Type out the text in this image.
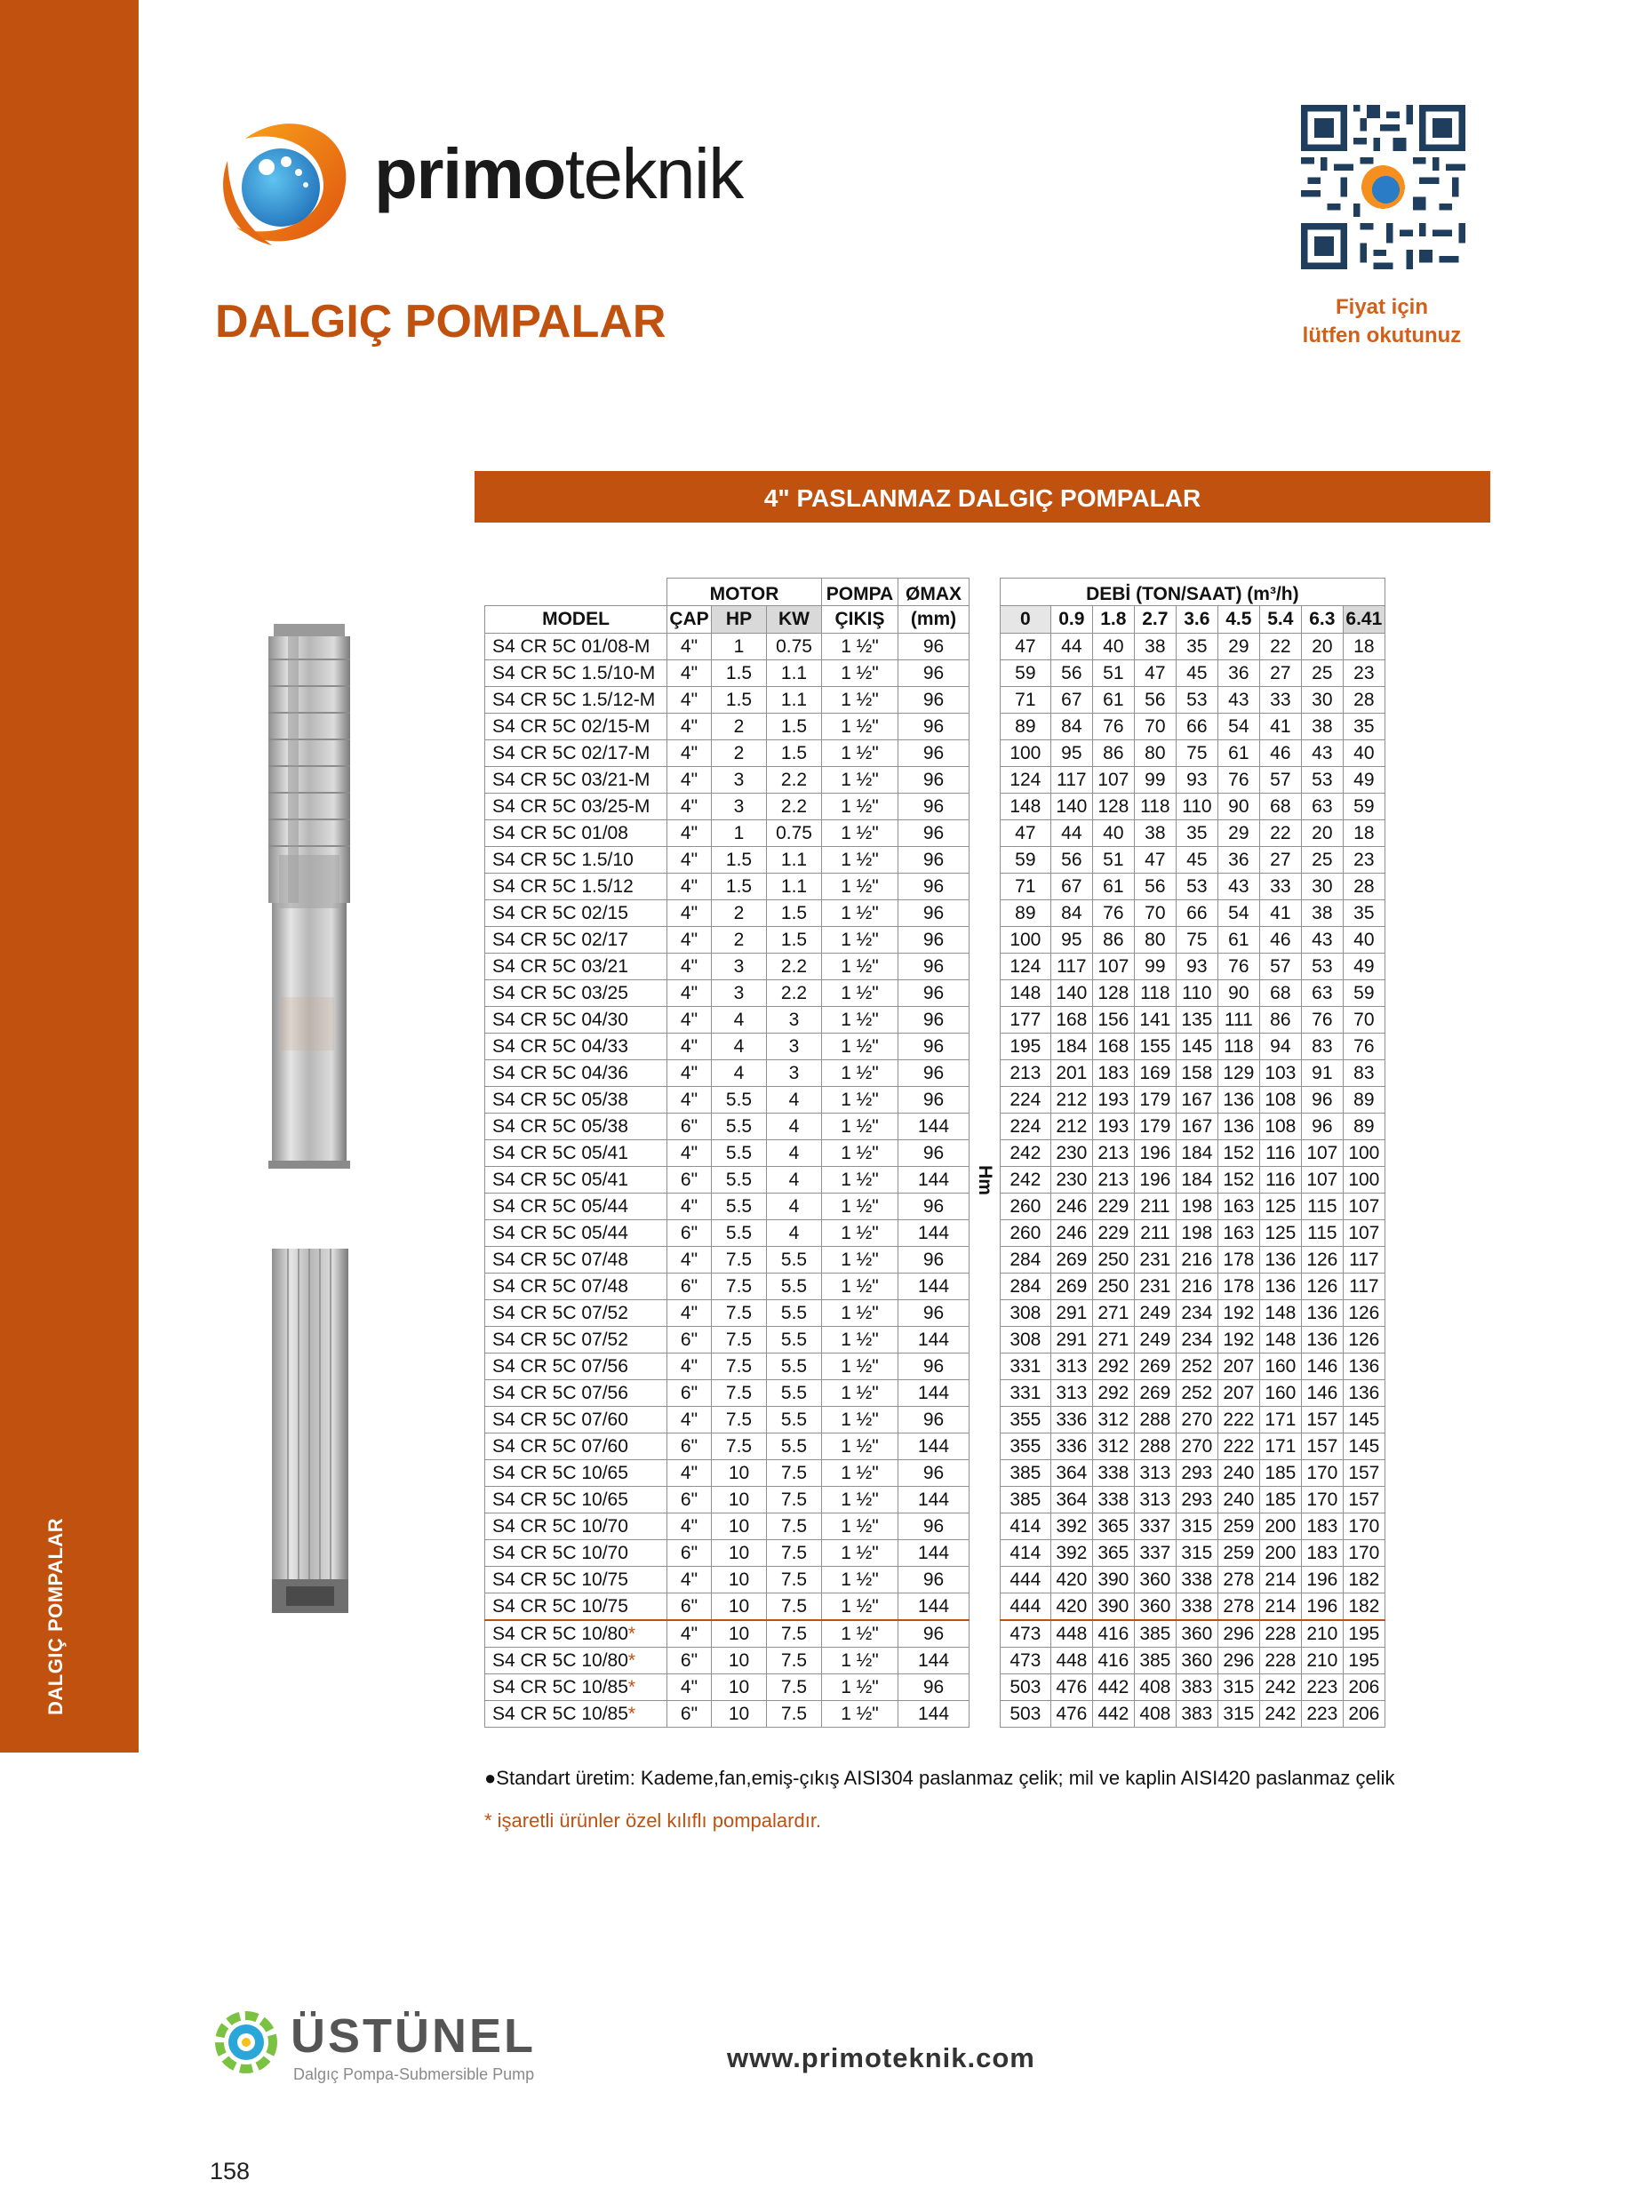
DALGIÇ POMPALAR
primoteknik
DALGIÇ POMPALAR	Fiyat için
lütfen okutunuz
4" PASLANMAZ DALGIÇ POMPALAR
	MOTOR			POMPA	ØMAX		DEBİ (TON/SAAT) (m³/h)								
MODEL	ÇAP	HP	KW	ÇIKIŞ	(mm)		0	0.9	1.8	2.7	3.6	4.5	5.4	6.3	6.41
S4 CR 5C 01/08-M	4"	1	0.75	1 ½"	96	Hm	47	44	40	38	35	29	22	20	18
S4 CR 5C 1.5/10-M	4"	1.5	1.1	1 ½"	96		59	56	51	47	45	36	27	25	23
S4 CR 5C 1.5/12-M	4"	1.5	1.1	1 ½"	96		71	67	61	56	53	43	33	30	28
S4 CR 5C 02/15-M	4"	2	1.5	1 ½"	96		89	84	76	70	66	54	41	38	35
S4 CR 5C 02/17-M	4"	2	1.5	1 ½"	96		100	95	86	80	75	61	46	43	40
S4 CR 5C 03/21-M	4"	3	2.2	1 ½"	96		124	117	107	99	93	76	57	53	49
S4 CR 5C 03/25-M	4"	3	2.2	1 ½"	96		148	140	128	118	110	90	68	63	59
S4 CR 5C 01/08	4"	1	0.75	1 ½"	96		47	44	40	38	35	29	22	20	18
S4 CR 5C 1.5/10	4"	1.5	1.1	1 ½"	96		59	56	51	47	45	36	27	25	23
S4 CR 5C 1.5/12	4"	1.5	1.1	1 ½"	96		71	67	61	56	53	43	33	30	28
S4 CR 5C 02/15	4"	2	1.5	1 ½"	96		89	84	76	70	66	54	41	38	35
S4 CR 5C 02/17	4"	2	1.5	1 ½"	96		100	95	86	80	75	61	46	43	40
S4 CR 5C 03/21	4"	3	2.2	1 ½"	96		124	117	107	99	93	76	57	53	49
S4 CR 5C 03/25	4"	3	2.2	1 ½"	96		148	140	128	118	110	90	68	63	59
S4 CR 5C 04/30	4"	4	3	1 ½"	96		177	168	156	141	135	111	86	76	70
S4 CR 5C 04/33	4"	4	3	1 ½"	96		195	184	168	155	145	118	94	83	76
S4 CR 5C 04/36	4"	4	3	1 ½"	96		213	201	183	169	158	129	103	91	83
S4 CR 5C 05/38	4"	5.5	4	1 ½"	96		224	212	193	179	167	136	108	96	89
S4 CR 5C 05/38	6"	5.5	4	1 ½"	144		224	212	193	179	167	136	108	96	89
S4 CR 5C 05/41	4"	5.5	4	1 ½"	96		242	230	213	196	184	152	116	107	100
S4 CR 5C 05/41	6"	5.5	4	1 ½"	144		242	230	213	196	184	152	116	107	100
S4 CR 5C 05/44	4"	5.5	4	1 ½"	96		260	246	229	211	198	163	125	115	107
S4 CR 5C 05/44	6"	5.5	4	1 ½"	144		260	246	229	211	198	163	125	115	107
S4 CR 5C 07/48	4"	7.5	5.5	1 ½"	96		284	269	250	231	216	178	136	126	117
S4 CR 5C 07/48	6"	7.5	5.5	1 ½"	144		284	269	250	231	216	178	136	126	117
S4 CR 5C 07/52	4"	7.5	5.5	1 ½"	96		308	291	271	249	234	192	148	136	126
S4 CR 5C 07/52	6"	7.5	5.5	1 ½"	144		308	291	271	249	234	192	148	136	126
S4 CR 5C 07/56	4"	7.5	5.5	1 ½"	96		331	313	292	269	252	207	160	146	136
S4 CR 5C 07/56	6"	7.5	5.5	1 ½"	144		331	313	292	269	252	207	160	146	136
S4 CR 5C 07/60	4"	7.5	5.5	1 ½"	96		355	336	312	288	270	222	171	157	145
S4 CR 5C 07/60	6"	7.5	5.5	1 ½"	144		355	336	312	288	270	222	171	157	145
S4 CR 5C 10/65	4"	10	7.5	1 ½"	96		385	364	338	313	293	240	185	170	157
S4 CR 5C 10/65	6"	10	7.5	1 ½"	144		385	364	338	313	293	240	185	170	157
S4 CR 5C 10/70	4"	10	7.5	1 ½"	96		414	392	365	337	315	259	200	183	170
S4 CR 5C 10/70	6"	10	7.5	1 ½"	144		414	392	365	337	315	259	200	183	170
S4 CR 5C 10/75	4"	10	7.5	1 ½"	96		444	420	390	360	338	278	214	196	182
S4 CR 5C 10/75	6"	10	7.5	1 ½"	144		444	420	390	360	338	278	214	196	182
S4 CR 5C 10/80*	4"	10	7.5	1 ½"	96		473	448	416	385	360	296	228	210	195
S4 CR 5C 10/80*	6"	10	7.5	1 ½"	144		473	448	416	385	360	296	228	210	195
S4 CR 5C 10/85*	4"	10	7.5	1 ½"	96		503	476	442	408	383	315	242	223	206
S4 CR 5C 10/85*	6"	10	7.5	1 ½"	144		503	476	442	408	383	315	242	223	206
●Standart üretim: Kademe,fan,emiş-çıkış AISI304 paslanmaz çelik; mil ve kaplin AISI420 paslanmaz çelik
* işaretli ürünler özel kılıflı pompalardır.
ÜSTÜNEL
Dalgıç Pompa-Submersible Pump
www.primoteknik.com
158
